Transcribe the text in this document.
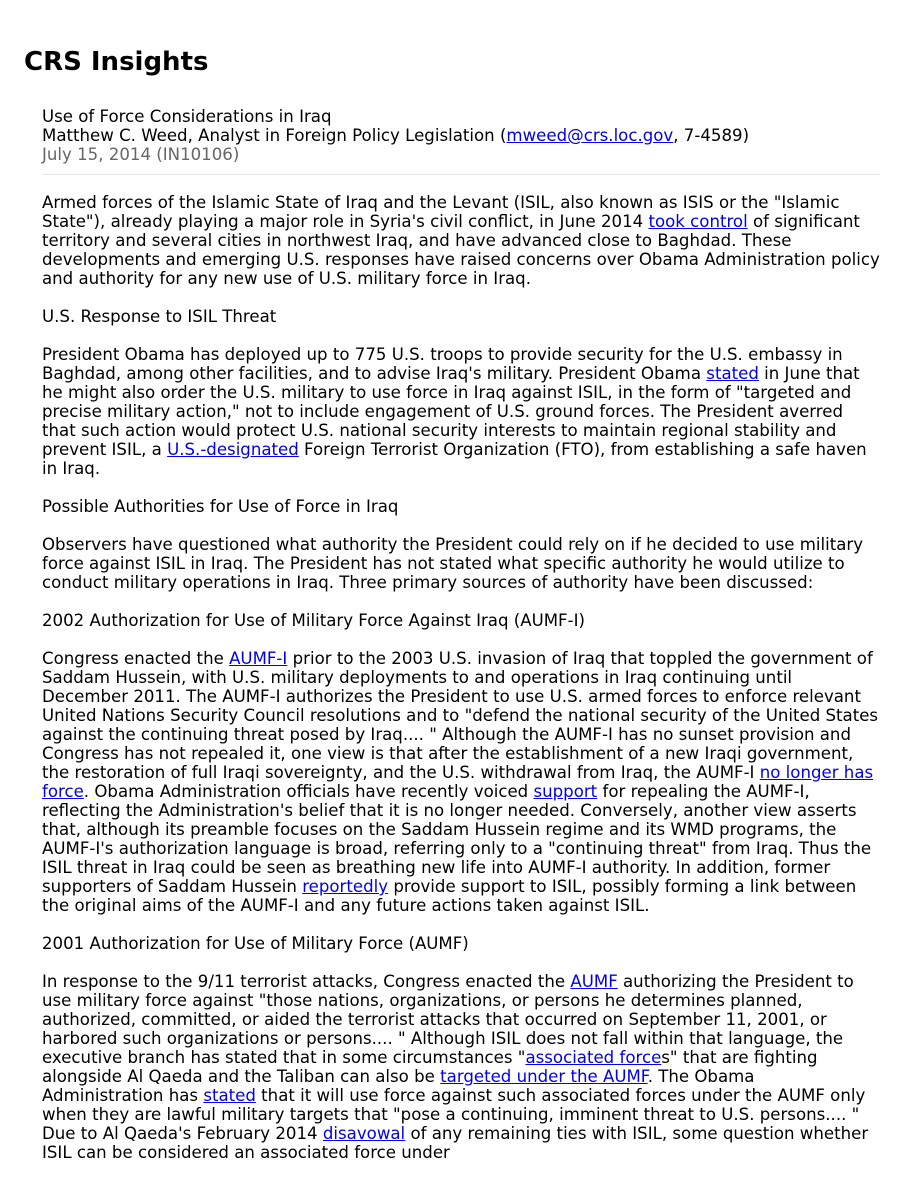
CRS Insights
Use of Force Considerations in Iraq
Matthew C. Weed, Analyst in Foreign Policy Legislation (mweed@crs.loc.gov, 7-4589)
July 15, 2014 (IN10106)

Armed forces of the Islamic State of Iraq and the Levant (ISIL, also known as ISIS or the "Islamic State"), already playing a major role in Syria's civil conflict, in June 2014 took control of significant territory and several cities in northwest Iraq, and have advanced close to Baghdad. These developments and emerging U.S. responses have raised concerns over Obama Administration policy and authority for any new use of U.S. military force in Iraq.

U.S. Response to ISIL Threat

President Obama has deployed up to 775 U.S. troops to provide security for the U.S. embassy in Baghdad, among other facilities, and to advise Iraq's military. President Obama stated in June that he might also order the U.S. military to use force in Iraq against ISIL, in the form of "targeted and precise military action," not to include engagement of U.S. ground forces. The President averred that such action would protect U.S. national security interests to maintain regional stability and prevent ISIL, a U.S.-designated Foreign Terrorist Organization (FTO), from establishing a safe haven in Iraq.

Possible Authorities for Use of Force in Iraq

Observers have questioned what authority the President could rely on if he decided to use military force against ISIL in Iraq. The President has not stated what specific authority he would utilize to conduct military operations in Iraq. Three primary sources of authority have been discussed:

2002 Authorization for Use of Military Force Against Iraq (AUMF-I)

Congress enacted the AUMF-I prior to the 2003 U.S. invasion of Iraq that toppled the government of Saddam Hussein, with U.S. military deployments to and operations in Iraq continuing until December 2011. The AUMF-I authorizes the President to use U.S. armed forces to enforce relevant United Nations Security Council resolutions and to "defend the national security of the United States against the continuing threat posed by Iraq.... " Although the AUMF-I has no sunset provision and Congress has not repealed it, one view is that after the establishment of a new Iraqi government, the restoration of full Iraqi sovereignty, and the U.S. withdrawal from Iraq, the AUMF-I no longer has force. Obama Administration officials have recently voiced support for repealing the AUMF-I, reflecting the Administration's belief that it is no longer needed. Conversely, another view asserts that, although its preamble focuses on the Saddam Hussein regime and its WMD programs, the AUMF-I's authorization language is broad, referring only to a "continuing threat" from Iraq. Thus the ISIL threat in Iraq could be seen as breathing new life into AUMF-I authority. In addition, former supporters of Saddam Hussein reportedly provide support to ISIL, possibly forming a link between the original aims of the AUMF-I and any future actions taken against ISIL.

2001 Authorization for Use of Military Force (AUMF)

In response to the 9/11 terrorist attacks, Congress enacted the AUMF authorizing the President to use military force against "those nations, organizations, or persons he determines planned, authorized, committed, or aided the terrorist attacks that occurred on September 11, 2001, or harbored such organizations or persons.... " Although ISIL does not fall within that language, the executive branch has stated that in some circumstances "associated forces" that are fighting alongside Al Qaeda and the Taliban can also be targeted under the AUMF. The Obama Administration has stated that it will use force against such associated forces under the AUMF only when they are lawful military targets that "pose a continuing, imminent threat to U.S. persons.... " Due to Al Qaeda's February 2014 disavowal of any remaining ties with ISIL, some question whether ISIL can be considered an associated force under
